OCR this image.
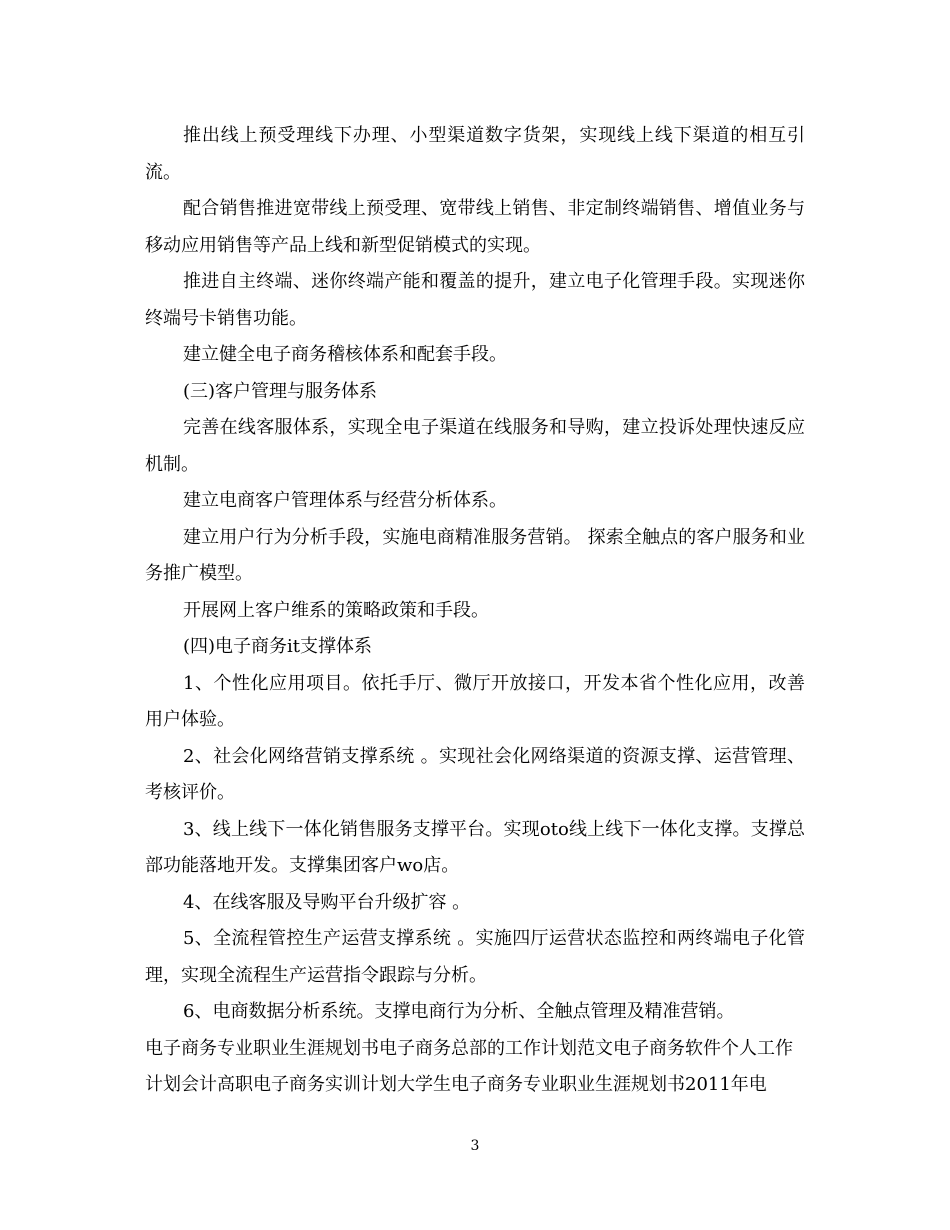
推出线上预受理线下办理、小型渠道数字货架，实现线上线下渠道的相互引流。

配合销售推进宽带线上预受理、宽带线上销售、非定制终端销售、增值业务与移动应用销售等产品上线和新型促销模式的实现。

推进自主终端、迷你终端产能和覆盖的提升，建立电子化管理手段。实现迷你终端号卡销售功能。

建立健全电子商务稽核体系和配套手段。

(三)客户管理与服务体系

完善在线客服体系，实现全电子渠道在线服务和导购，建立投诉处理快速反应机制。

建立电商客户管理体系与经营分析体系。

建立用户行为分析手段，实施电商精准服务营销。 探索全触点的客户服务和业务推广模型。

开展网上客户维系的策略政策和手段。

(四)电子商务it支撑体系

1、个性化应用项目。依托手厅、微厅开放接口，开发本省个性化应用，改善用户体验。

2、社会化网络营销支撑系统 。实现社会化网络渠道的资源支撑、运营管理、考核评价。

3、线上线下一体化销售服务支撑平台。实现oto线上线下一体化支撑。支撑总部功能落地开发。支撑集团客户wo店。

4、在线客服及导购平台升级扩容 。

5、全流程管控生产运营支撑系统 。实施四厅运营状态监控和两终端电子化管理，实现全流程生产运营指令跟踪与分析。

6、电商数据分析系统。支撑电商行为分析、全触点管理及精准营销。

电子商务专业职业生涯规划书电子商务总部的工作计划范文电子商务软件个人工作计划会计高职电子商务实训计划大学生电子商务专业职业生涯规划书2011年电

3
